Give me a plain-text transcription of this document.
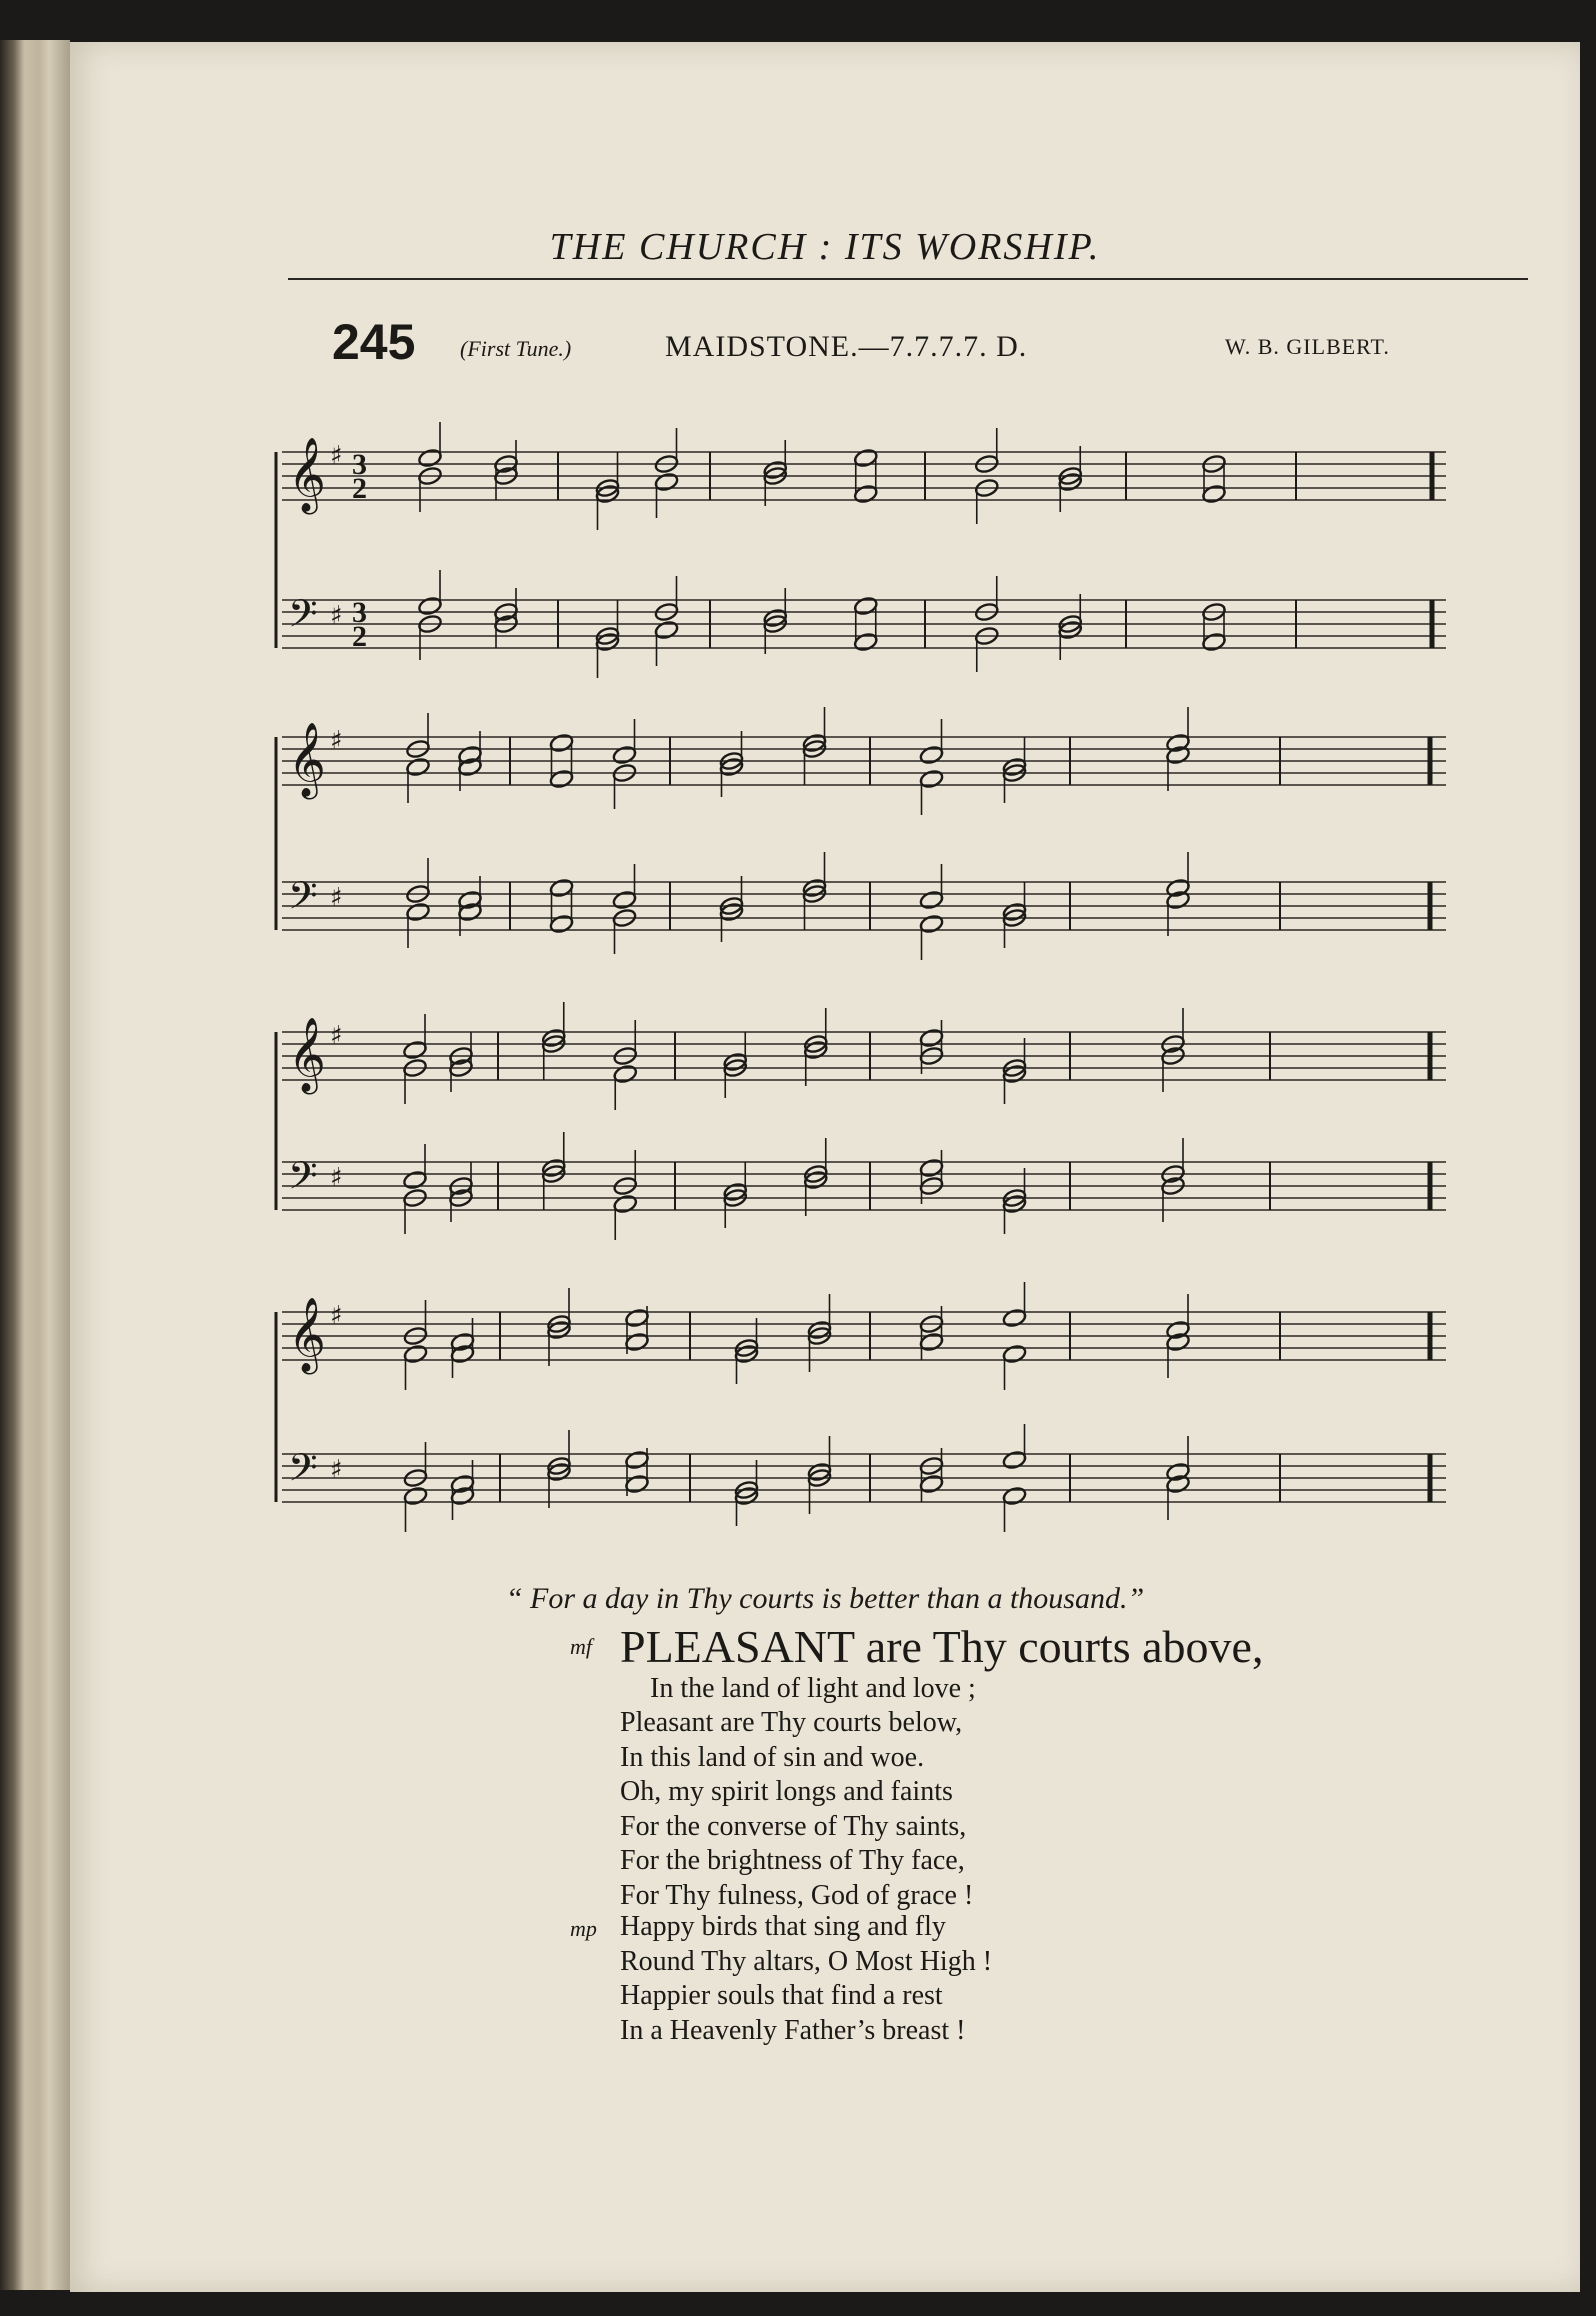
THE CHURCH : ITS WORSHIP.
245 (First Tune.)	MAIDSTONE.—7.7.7.7. D.	W. B. GILBERT.
𝄞 ♯ 3
2
𝄢 ♯ 3
2
𝄞 ♯
𝄢 ♯
𝄞 ♯
𝄢 ♯
𝄞 ♯
𝄢 ♯
“ For a day in Thy courts is better than a thousand.”
mf PLEASANT are Thy courts above,
In the land of light and love ;
Pleasant are Thy courts below,
In this land of sin and woe.
Oh, my spirit longs and faints
For the converse of Thy saints,
For the brightness of Thy face,
For Thy fulness, God of grace !
mp Happy birds that sing and fly
Round Thy altars, O Most High !
Happier souls that find a rest
In a Heavenly Father’s breast !
